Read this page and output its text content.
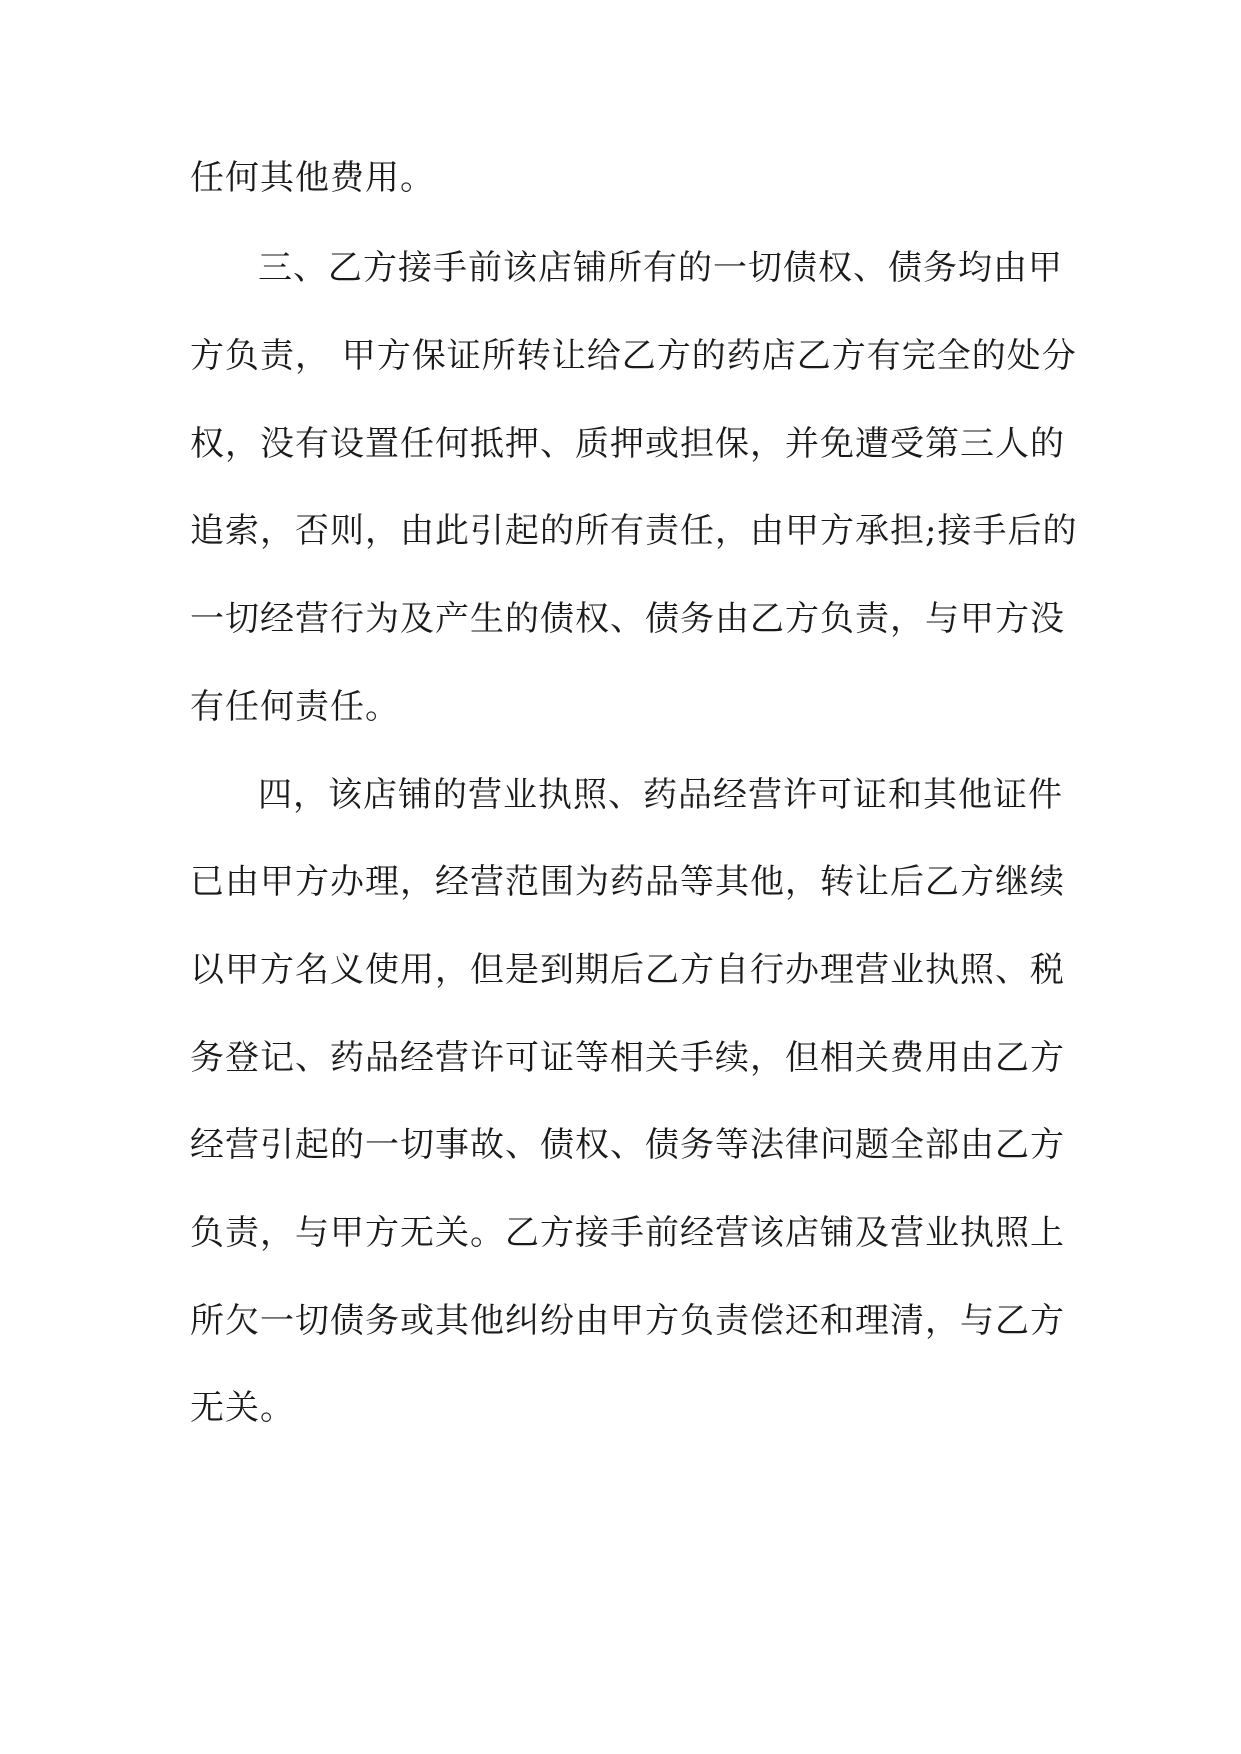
任何其他费用。
三、乙方接手前该店铺所有的一切债权、债务均由甲
方负责， 甲方保证所转让给乙方的药店乙方有完全的处分
权，没有设置任何抵押、质押或担保，并免遭受第三人的
追索，否则，由此引起的所有责任，由甲方承担;接手后的
一切经营行为及产生的债权、债务由乙方负责，与甲方没
有任何责任。
四，该店铺的营业执照、药品经营许可证和其他证件
已由甲方办理，经营范围为药品等其他，转让后乙方继续
以甲方名义使用，但是到期后乙方自行办理营业执照、税
务登记、药品经营许可证等相关手续，但相关费用由乙方
经营引起的一切事故、债权、债务等法律问题全部由乙方
负责，与甲方无关。乙方接手前经营该店铺及营业执照上
所欠一切债务或其他纠纷由甲方负责偿还和理清，与乙方
无关。
